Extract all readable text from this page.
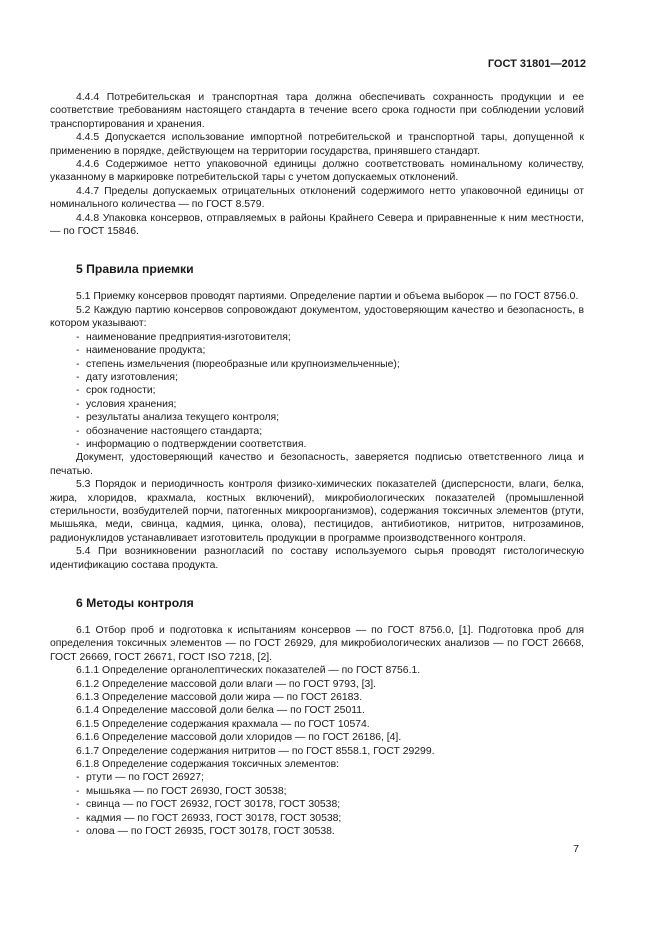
ГОСТ 31801—2012

4.4.4 Потребительская и транспортная тара должна обеспечивать сохранность продукции и ее соответствие требованиям настоящего стандарта в течение всего срока годности при соблюдении условий транспортирования и хранения.

4.4.5 Допускается использование импортной потребительской и транспортной тары, допущенной к применению в порядке, действующем на территории государства, принявшего стандарт.

4.4.6 Содержимое нетто упаковочной единицы должно соответствовать номинальному количеству, указанному в маркировке потребительской тары с учетом допускаемых отклонений.

4.4.7 Пределы допускаемых отрицательных отклонений содержимого нетто упаковочной единицы от номинального количества — по ГОСТ 8.579.

4.4.8 Упаковка консервов, отправляемых в районы Крайнего Севера и приравненные к ним местности, — по ГОСТ 15846.

5 Правила приемки

5.1 Приемку консервов проводят партиями. Определение партии и объема выборок — по ГОСТ 8756.0.

5.2 Каждую партию консервов сопровождают документом, удостоверяющим качество и безопасность, в котором указывают:

- наименование предприятия-изготовителя;
- наименование продукта;
- степень измельчения (пюреобразные или крупноизмельченные);
- дату изготовления;
- срок годности;
- условия хранения;
- результаты анализа текущего контроля;
- обозначение настоящего стандарта;
- информацию о подтверждении соответствия.

Документ, удостоверяющий качество и безопасность, заверяется подписью ответственного лица и печатью.

5.3 Порядок и периодичность контроля физико-химических показателей (дисперсности, влаги, белка, жира, хлоридов, крахмала, костных включений), микробиологических показателей (промышленной стерильности, возбудителей порчи, патогенных микроорганизмов), содержания токсичных элементов (ртути, мышьяка, меди, свинца, кадмия, цинка, олова), пестицидов, антибиотиков, нитритов, нитрозаминов, радионуклидов устанавливает изготовитель продукции в программе производственного контроля.

5.4 При возникновении разногласий по составу используемого сырья проводят гистологическую идентификацию состава продукта.

6 Методы контроля

6.1 Отбор проб и подготовка к испытаниям консервов — по ГОСТ 8756.0, [1]. Подготовка проб для определения токсичных элементов — по ГОСТ 26929, для микробиологических анализов — по ГОСТ 26668, ГОСТ 26669, ГОСТ 26671, ГОСТ ISO 7218, [2].

6.1.1 Определение органолептических показателей — по ГОСТ 8756.1.

6.1.2 Определение массовой доли влаги — по ГОСТ 9793, [3].

6.1.3 Определение массовой доли жира — по ГОСТ 26183.

6.1.4 Определение массовой доли белка — по ГОСТ 25011.

6.1.5 Определение содержания крахмала — по ГОСТ 10574.

6.1.6 Определение массовой доли хлоридов — по ГОСТ 26186, [4].

6.1.7 Определение содержания нитритов — по ГОСТ 8558.1, ГОСТ 29299.

6.1.8 Определение содержания токсичных элементов:

- ртути — по ГОСТ 26927;
- мышьяка — по ГОСТ 26930, ГОСТ 30538;
- свинца — по ГОСТ 26932, ГОСТ 30178, ГОСТ 30538;
- кадмия — по ГОСТ 26933, ГОСТ 30178, ГОСТ 30538;
- олова — по ГОСТ 26935, ГОСТ 30178, ГОСТ 30538.
7
